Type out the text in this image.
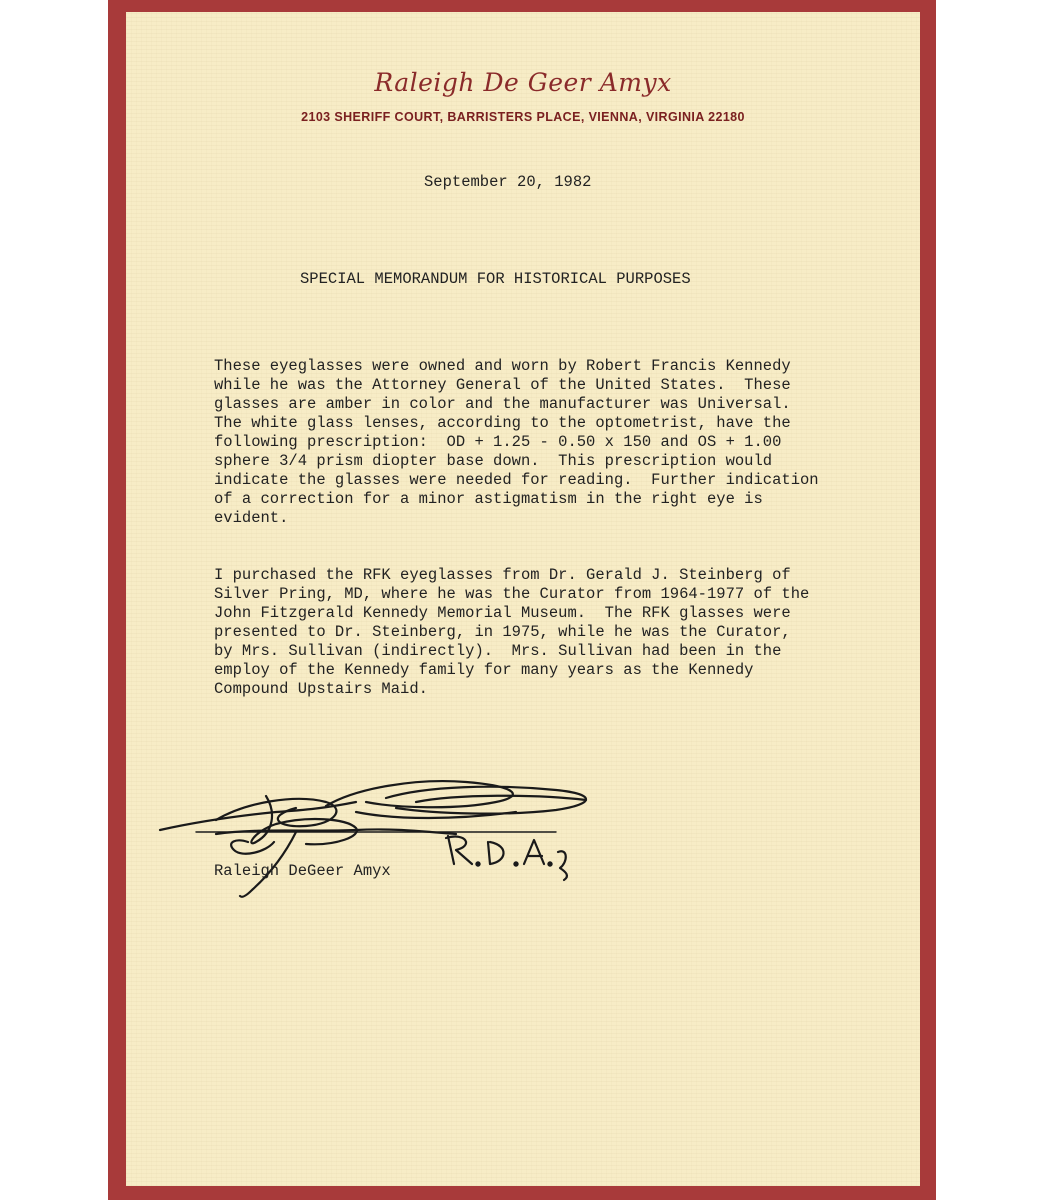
Raleigh De Geer Amyx
2103 SHERIFF COURT, BARRISTERS PLACE, VIENNA, VIRGINIA 22180
September 20, 1982
SPECIAL MEMORANDUM FOR HISTORICAL PURPOSES
These eyeglasses were owned and worn by Robert Francis Kennedy
while he was the Attorney General of the United States.  These
glasses are amber in color and the manufacturer was Universal.
The white glass lenses, according to the optometrist, have the
following prescription:  OD + 1.25 - 0.50 x 150 and OS + 1.00
sphere 3/4 prism diopter base down.  This prescription would
indicate the glasses were needed for reading.  Further indication
of a correction for a minor astigmatism in the right eye is
evident.
I purchased the RFK eyeglasses from Dr. Gerald J. Steinberg of
Silver Pring, MD, where he was the Curator from 1964-1977 of the
John Fitzgerald Kennedy Memorial Museum.  The RFK glasses were
presented to Dr. Steinberg, in 1975, while he was the Curator,
by Mrs. Sullivan (indirectly).  Mrs. Sullivan had been in the
employ of the Kennedy family for many years as the Kennedy
Compound Upstairs Maid.
Raleigh DeGeer Amyx
